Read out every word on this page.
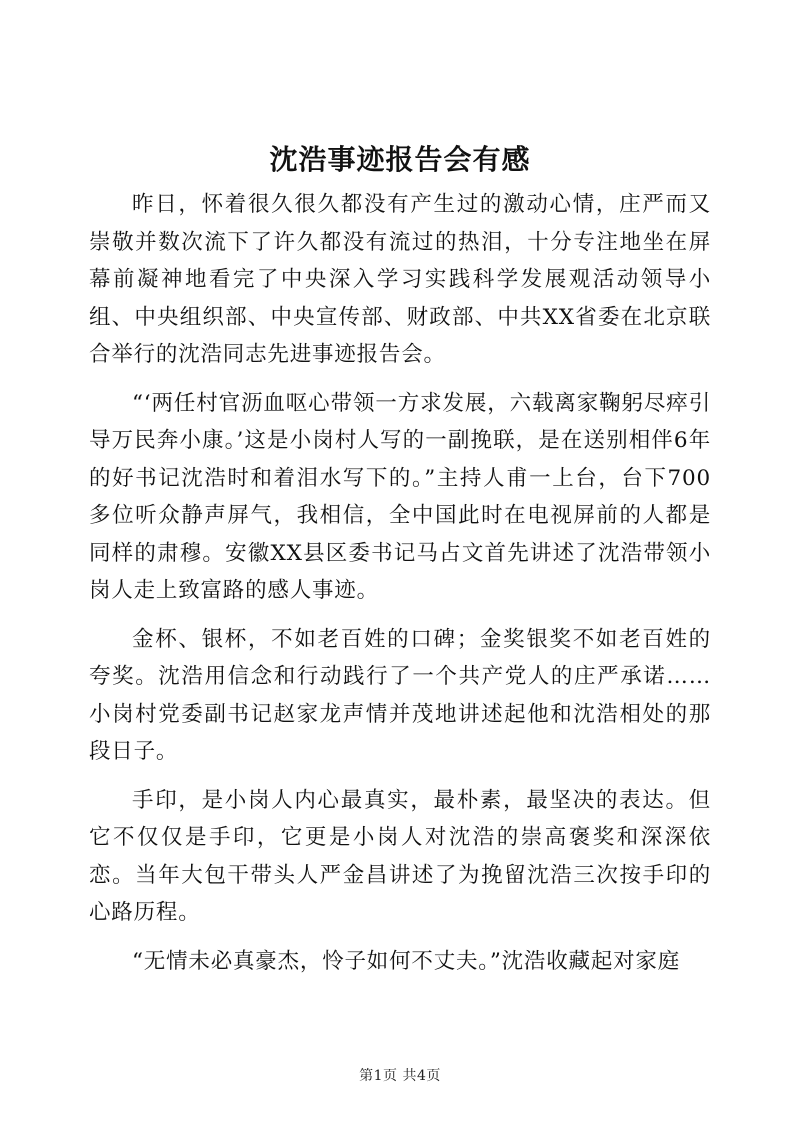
沈浩事迹报告会有感

昨日，怀着很久很久都没有产生过的激动心情，庄严而又崇敬并数次流下了许久都没有流过的热泪，十分专注地坐在屏幕前凝神地看完了中央深入学习实践科学发展观活动领导小组、中央组织部、中央宣传部、财政部、中共XX省委在北京联合举行的沈浩同志先进事迹报告会。

“‘两任村官沥血呕心带领一方求发展，六载离家鞠躬尽瘁引导万民奔小康。’这是小岗村人写的一副挽联，是在送别相伴6年的好书记沈浩时和着泪水写下的。”主持人甫一上台，台下700多位听众静声屏气，我相信，全中国此时在电视屏前的人都是同样的肃穆。安徽XX县区委书记马占文首先讲述了沈浩带领小岗人走上致富路的感人事迹。

金杯、银杯，不如老百姓的口碑；金奖银奖不如老百姓的夸奖。沈浩用信念和行动践行了一个共产党人的庄严承诺……小岗村党委副书记赵家龙声情并茂地讲述起他和沈浩相处的那段日子。

手印，是小岗人内心最真实，最朴素，最坚决的表达。但它不仅仅是手印，它更是小岗人对沈浩的崇高褒奖和深深依恋。当年大包干带头人严金昌讲述了为挽留沈浩三次按手印的心路历程。

“无情未必真豪杰，怜子如何不丈夫。”沈浩收藏起对家庭

第1页 共4页
